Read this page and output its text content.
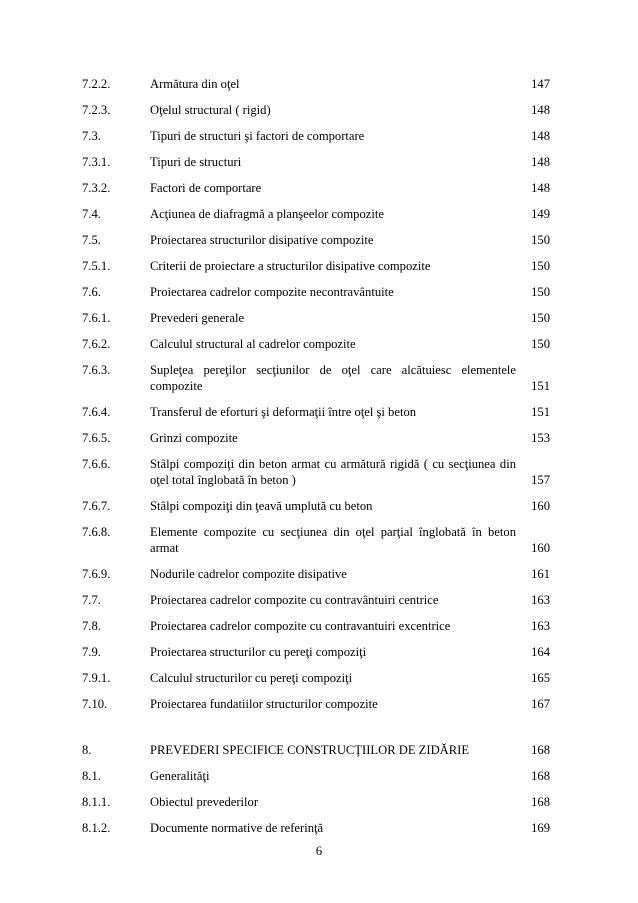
7.2.2.	Armătura din oţel	147
7.2.3.	Oţelul structural ( rigid)	148
7.3.	Tipuri de structuri şi factori de comportare	148
7.3.1.	Tipuri de structuri	148
7.3.2.	Factori de comportare	148
7.4.	Acţiunea de diafragmă a planşeelor compozite	149
7.5.	Proiectarea structurilor disipative compozite	150
7.5.1.	Criterii de proiectare a structurilor disipative compozite	150
7.6.	Proiectarea cadrelor compozite necontravântuite	150
7.6.1.	Prevederi generale	150
7.6.2.	Calculul structural al cadrelor compozite	150
7.6.3.	Supleţea pereţilor secţiunilor de oţel care alcătuiesc elementele compozite	151
7.6.4.	Transferul de eforturi şi deformaţii între oţel şi beton	151
7.6.5.	Grinzi compozite	153
7.6.6.	Stâlpi compoziţi din beton armat cu armătură rigidă ( cu secţiunea din oţel total înglobată în beton )	157
7.6.7.	Stâlpi compoziţi din ţeavă umplută cu beton	160
7.6.8.	Elemente compozite cu secţiunea din oţel parţial înglobată în beton armat	160
7.6.9.	Nodurile cadrelor compozite disipative	161
7.7.	Proiectarea cadrelor compozite cu contravântuiri centrice	163
7.8.	Proiectarea cadrelor compozite cu contravantuiri excentrice	163
7.9.	Proiectarea structurilor cu pereţi compoziţi	164
7.9.1.	Calculul structurilor cu pereţi compoziţi	165
7.10.	Proiectarea fundatiilor structurilor compozite	167
8.	PREVEDERI SPECIFICE CONSTRUCŢIILOR DE ZIDĂRIE	168
8.1.	Generalităţi	168
8.1.1.	Obiectul prevederilor	168
8.1.2.	Documente normative de referinţă	169
6
